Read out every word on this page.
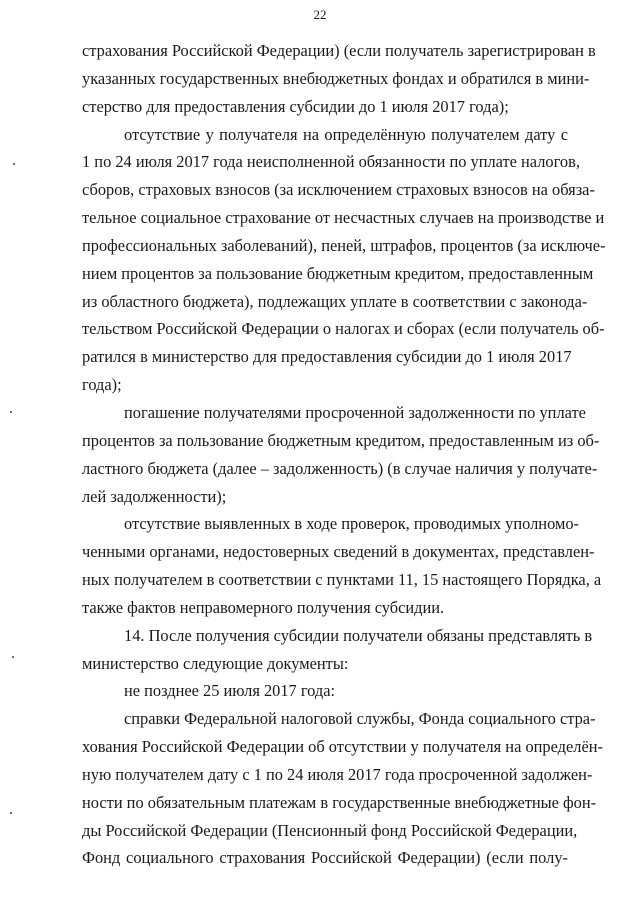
22
страхования Российской Федерации) (если получатель зарегистрирован в
указанных государственных внебюджетных фондах и обратился в мини-
стерство для предоставления субсидии до 1 июля 2017 года);
отсутствие у получателя на определённую получателем дату с
1 по 24 июля 2017 года неисполненной обязанности по уплате налогов,
сборов, страховых взносов (за исключением страховых взносов на обяза-
тельное социальное страхование от несчастных случаев на производстве и
профессиональных заболеваний), пеней, штрафов, процентов (за исключе-
нием процентов за пользование бюджетным кредитом, предоставленным
из областного бюджета), подлежащих уплате в соответствии с законода-
тельством Российской Федерации о налогах и сборах (если получатель об-
ратился в министерство для предоставления субсидии до 1 июля 2017
года);
погашение получателями просроченной задолженности по уплате
процентов за пользование бюджетным кредитом, предоставленным из об-
ластного бюджета (далее – задолженность) (в случае наличия у получате-
лей задолженности);
отсутствие выявленных в ходе проверок, проводимых уполномо-
ченными органами, недостоверных сведений в документах, представлен-
ных получателем в соответствии с пунктами 11, 15 настоящего Порядка, а
также фактов неправомерного получения субсидии.
14. После получения субсидии получатели обязаны представлять в
министерство следующие документы:
не позднее 25 июля 2017 года:
справки Федеральной налоговой службы, Фонда социального стра-
хования Российской Федерации об отсутствии у получателя на определён-
ную получателем дату с 1 по 24 июля 2017 года просроченной задолжен-
ности по обязательным платежам в государственные внебюджетные фон-
ды Российской Федерации (Пенсионный фонд Российской Федерации,
Фонд социального страхования Российской Федерации) (если полу-
